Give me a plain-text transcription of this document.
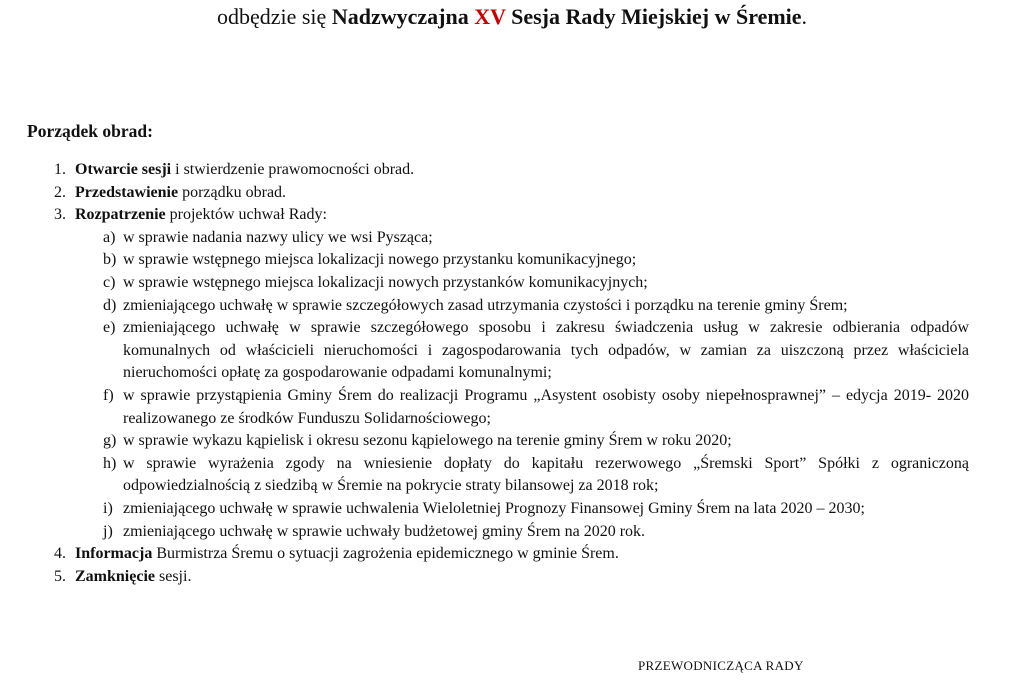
odbędzie się Nadzwyczajna XV Sesja Rady Miejskiej w Śremie.
Porządek obrad:
1. Otwarcie sesji i stwierdzenie prawomocności obrad.
2. Przedstawienie porządku obrad.
3. Rozpatrzenie projektów uchwał Rady:
a) w sprawie nadania nazwy ulicy we wsi Pysząca;
b) w sprawie wstępnego miejsca lokalizacji nowego przystanku komunikacyjnego;
c) w sprawie wstępnego miejsca lokalizacji nowych przystanków komunikacyjnych;
d) zmieniającego uchwałę w sprawie szczegółowych zasad utrzymania czystości i porządku na terenie gminy Śrem;
e) zmieniającego uchwałę w sprawie szczegółowego sposobu i zakresu świadczenia usług w zakresie odbierania odpadów komunalnych od właścicieli nieruchomości i zagospodarowania tych odpadów, w zamian za uiszczoną przez właściciela nieruchomości opłatę za gospodarowanie odpadami komunalnymi;
f) w sprawie przystąpienia Gminy Śrem do realizacji Programu „Asystent osobisty osoby niepełnosprawnej” – edycja 2019- 2020 realizowanego ze środków Funduszu Solidarnościowego;
g) w sprawie wykazu kąpielisk i okresu sezonu kąpielowego na terenie gminy Śrem w roku 2020;
h) w sprawie wyrażenia zgody na wniesienie dopłaty do kapitału rezerwowego „Śremski Sport” Spółki z ograniczoną odpowiedzialnością z siedzibą w Śremie na pokrycie straty bilansowej za 2018 rok;
i) zmieniającego uchwałę w sprawie uchwalenia Wieloletniej Prognozy Finansowej Gminy Śrem na lata 2020 – 2030;
j) zmieniającego uchwałę w sprawie uchwały budżetowej gminy Śrem na 2020 rok.
4. Informacja Burmistrza Śremu o sytuacji zagrożenia epidemicznego w gminie Śrem.
5. Zamknięcie sesji.
PRZEWODNICZĄCA RADY
